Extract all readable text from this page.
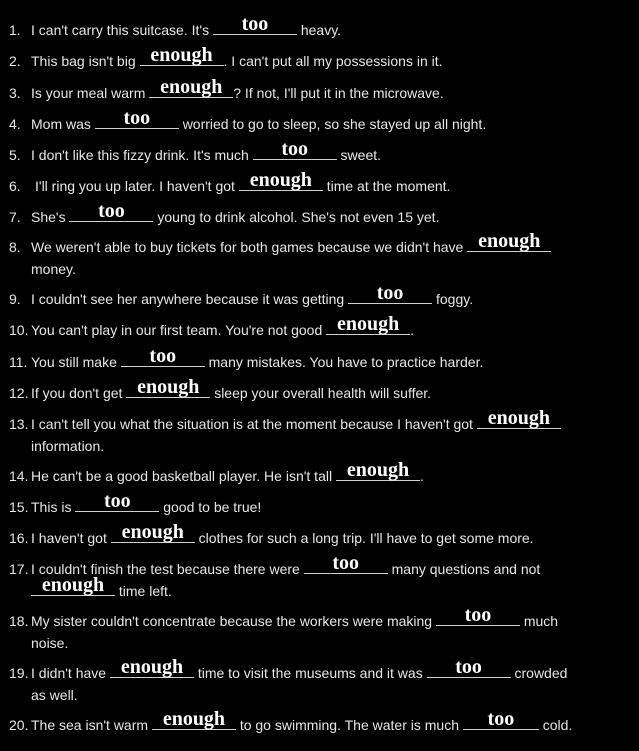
1. I can't carry this suitcase. It's	too	heavy.
2. This bag isn't big enough . I can't put all my possessions in it.
3. Is your meal warm enough ? If not, I'll put it in the microwave.
4. Mom was	too	worried to go to sleep, so she stayed up all night.
5. I don't like this fizzy drink. It's much	too	sweet.
6. I'll ring you up later. I haven't got enough	time at the moment.
7. She's	too	young to drink alcohol. She's not even 15 yet.
8. We weren't able to buy tickets for both games because we didn't have enough
money.
9. I couldn't see her anywhere because it was getting	too	foggy.
10. You can't play in our first team. You're not good enough .
11. You still make	too	many mistakes. You have to practice harder.
12. If you don't get enough	sleep your overall health will suffer.
13. I can't tell you what the situation is at the moment because I haven't got enough
information.
14. He can't be a good basketball player. He isn't tall enough .
15. This is	too	good to be true!
16. I haven't got enough	clothes for such a long trip. I'll have to get some more.
17. I couldn't finish the test because there were	too	many questions and not
enough	time left.
18. My sister couldn't concentrate because the workers were making	too	much
noise.
19. I didn't have enough	time to visit the museums and it was	too	crowded
as well.
20. The sea isn't warm enough	to go swimming. The water is much	too	cold.
